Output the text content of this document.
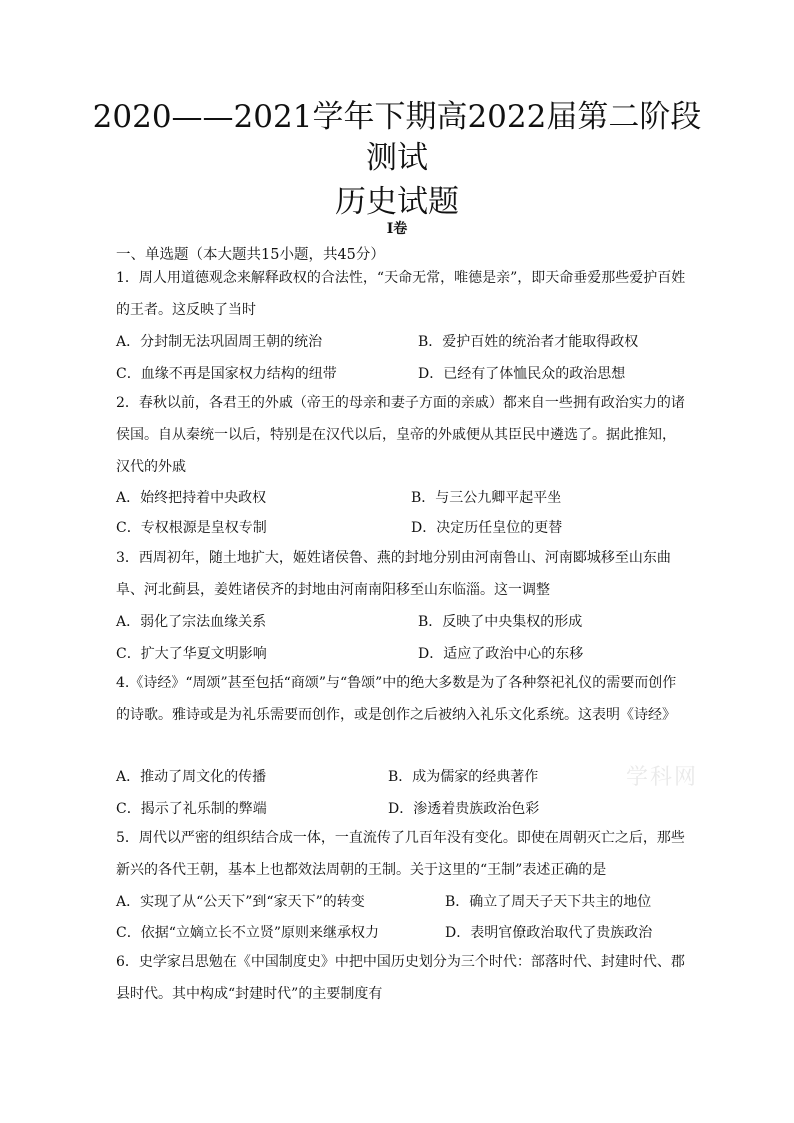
2020——2021学年下期高2022届第二阶段
测试
历史试题
Ⅰ卷
一、单选题（本大题共15小题，共45分）
1．周人用道德观念来解释政权的合法性，“天命无常，唯德是亲”，即天命垂爱那些爱护百姓的王者。这反映了当时
A．分封制无法巩固周王朝的统治	B．爱护百姓的统治者才能取得政权
C．血缘不再是国家权力结构的纽带	D．已经有了体恤民众的政治思想
2．春秋以前，各君王的外戚（帝王的母亲和妻子方面的亲戚）都来自一些拥有政治实力的诸侯国。自从秦统一以后，特别是在汉代以后，皇帝的外戚便从其臣民中遴选了。据此推知，汉代的外戚
A．始终把持着中央政权	B．与三公九卿平起平坐
C．专权根源是皇权专制	D．决定历任皇位的更替
3．西周初年，随土地扩大，姬姓诸侯鲁、燕的封地分别由河南鲁山、河南郾城移至山东曲阜、河北蓟县，姜姓诸侯齐的封地由河南南阳移至山东临淄。这一调整
A．弱化了宗法血缘关系	B．反映了中央集权的形成
C．扩大了华夏文明影响	D．适应了政治中心的东移
4.《诗经》“周颂”甚至包括“商颂”与“鲁颂”中的绝大多数是为了各种祭祀礼仪的需要而创作的诗歌。雅诗或是为礼乐需要而创作，或是创作之后被纳入礼乐文化系统。这表明《诗经》
A．推动了周文化的传播	B．成为儒家的经典著作
C．揭示了礼乐制的弊端	D．渗透着贵族政治色彩
5．周代以严密的组织结合成一体，一直流传了几百年没有变化。即使在周朝灭亡之后，那些新兴的各代王朝，基本上也都效法周朝的王制。关于这里的“王制”表述正确的是
A．实现了从“公天下”到“家天下”的转变	B．确立了周天子天下共主的地位
C．依据“立嫡立长不立贤”原则来继承权力	D．表明官僚政治取代了贵族政治
6．史学家吕思勉在《中国制度史》中把中国历史划分为三个时代：部落时代、封建时代、郡县时代。其中构成“封建时代”的主要制度有
学科网
